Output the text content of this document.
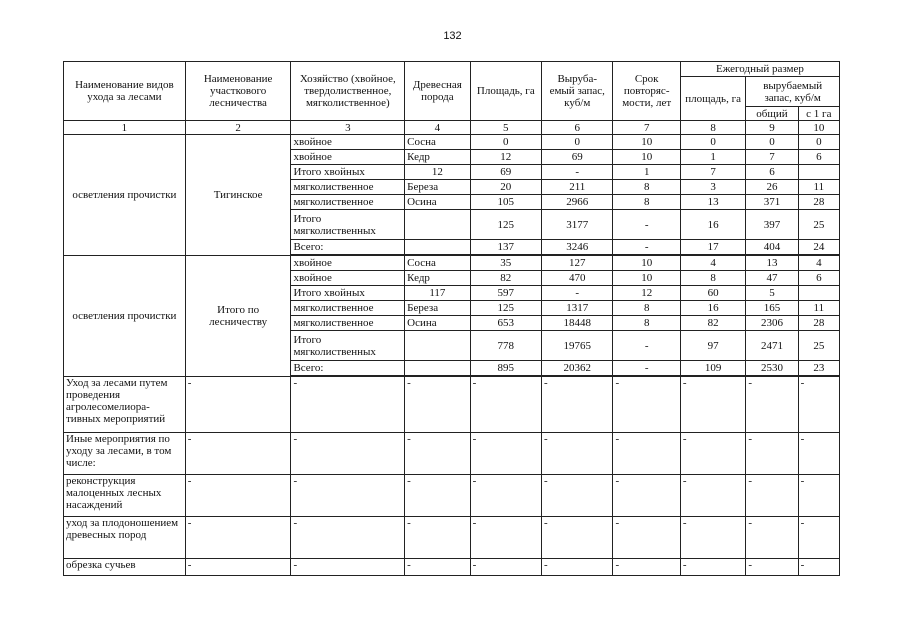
132
Наименование видов ухода за лесами	Наименование участкового лесничества	Хозяйство (хвойное, твердолиственное, мягколиственное)	Древесная порода	Площадь, га	Выруба- емый запас, куб/м	Срок повторяс- мости, лет	Ежегодный размер		
							площадь, га	вырубаемый запас, куб/м	
								общий	с 1 га
1	2	3	4	5	6	7	8	9	10
осветления прочистки	Тигинское	хвойное	Сосна	0	0	10	0	0	0
		хвойное	Кедр	12	69	10	1	7	6
		Итого хвойных	12	69	-	1	7	6	
		мягколиственное	Береза	20	211	8	3	26	11
		мягколиственное	Осина	105	2966	8	13	371	28
		Итого мягколиственных		125	3177	-	16	397	25
		Всего:		137	3246	-	17	404	24

осветления прочистки	Итого по лесничеству	хвойное	Сосна	35	127	10	4	13	4
		хвойное	Кедр	82	470	10	8	47	6
		Итого хвойных	117	597	-	12	60	5	
		мягколиственное	Береза	125	1317	8	16	165	11
		мягколиственное	Осина	653	18448	8	82	2306	28
		Итого мягколиственных		778	19765	-	97	2471	25
		Всего:		895	20362	-	109	2530	23

Уход за лесами путем проведения агролесомелиора- тивных мероприятий	-	-	-	-	-	-	-	-	-
Иные мероприятия по уходу за лесами, в том числе:	-	-	-	-	-	-	-	-	-
реконструкция малоценных лесных насаждений	-	-	-	-	-	-	-	-	-
уход за плодоношением древесных пород	-	-	-	-	-	-	-	-	-
обрезка сучьев	-	-	-	-	-	-	-	-	-
